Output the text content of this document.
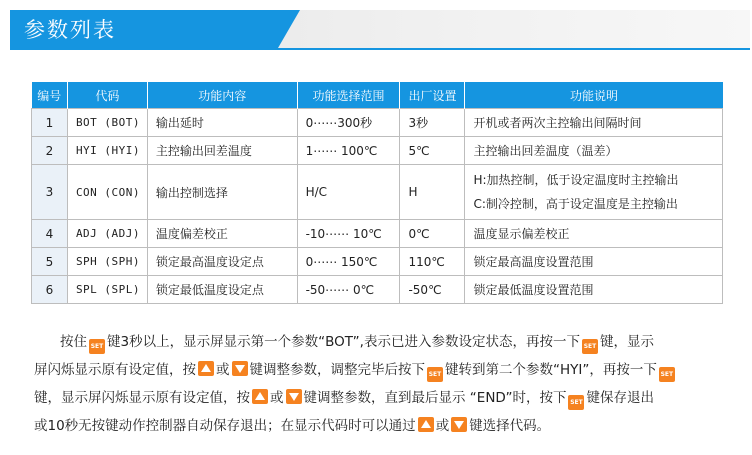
参数列表
编号	代码	功能内容	功能选择范围	出厂设置	功能说明
1	BOT (BOT)	输出延时	0⋯⋯300秒	3秒	开机或者两次主控输出间隔时间
2	HYI (HYI)	主控输出回差温度	1⋯⋯ 100℃	5℃	主控输出回差温度（温差）
3	CON (CON)	输出控制选择	H/C	H	H:加热控制，低于设定温度时主控输出
C:制冷控制，高于设定温度是主控输出

4	ADJ (ADJ)	温度偏差校正	-10⋯⋯ 10℃	0℃	温度显示偏差校正
5	SPH (SPH)	锁定最高温度设定点	0⋯⋯ 150℃	110℃	锁定最高温度设置范围
6	SPL (SPL)	锁定最低温度设定点	-50⋯⋯ 0℃	-50℃	锁定最低温度设置范围
按住 SET 键3秒以上，显示屏显示第一个参数“BOT”,表示已进入参数设定状态，再按一下 SET 键，显示
屏闪烁显示原有设定值，按 或 键调整参数，调整完毕后按下 SET 键转到第二个参数“HYI”，再按一下 SET
键，显示屏闪烁显示原有设定值，按 或 键调整参数，直到最后显示 “END”时，按下 SET 键保存退出
或10秒无按键动作控制器自动保存退出；在显示代码时可以通过 或 键选择代码。
